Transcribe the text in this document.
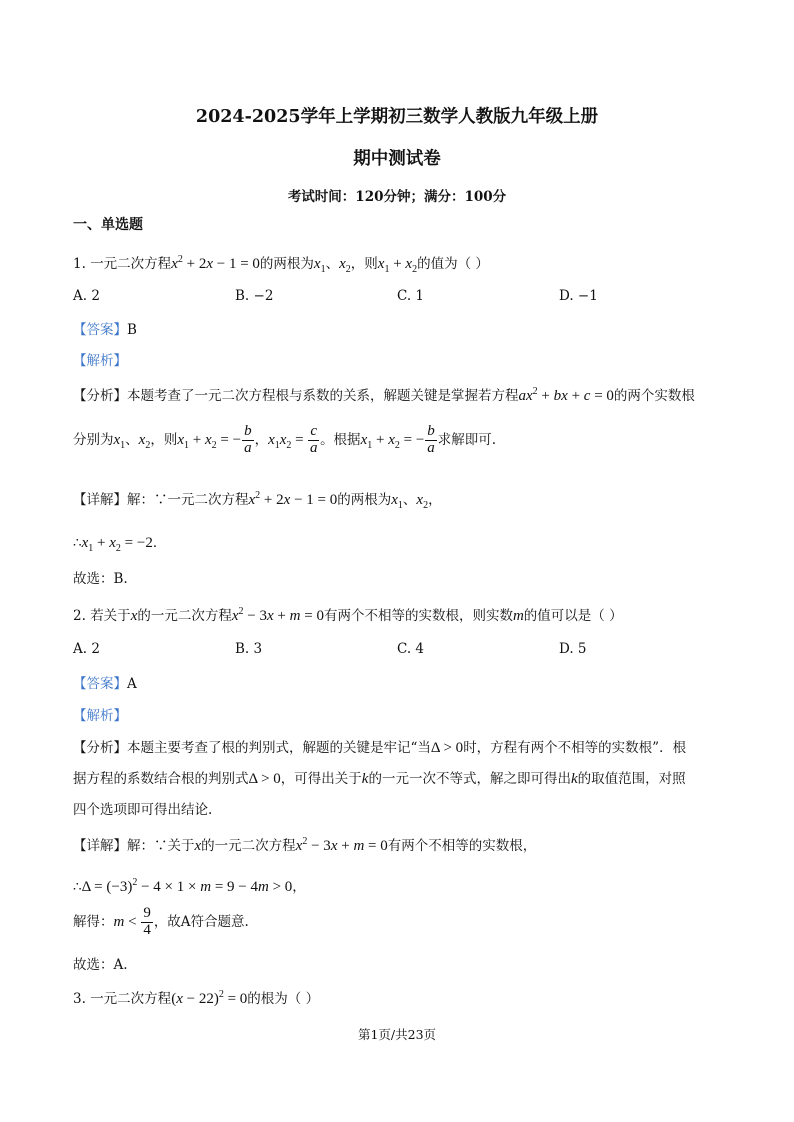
2024-2025学年上学期初三数学人教版九年级上册
期中测试卷
考试时间：120分钟；满分：100分
一、单选题
1. 一元二次方程$x^2 + 2x - 1 = 0$的两根为$x_1$、$x_2$，则$x_1 + x_2$的值为（ ）
A. 2	B. −2	C. 1	D. −1
【答案】B
【解析】
【分析】本题考查了一元二次方程根与系数的关系，解题关键是掌握若方程$ax^2$ + bx + c = 0的两个实数根
分别为$x_1$、$x_2$，则$x_1 + x_2$ = − $\frac{b}{a}$ ，$x_1x_2 = \frac{c}{a}$ 。根据$x_1 + x_2$ = − $\frac{b}{a}$ 求解即可.
【详解】解：∵一元二次方程$x^2 + 2x - 1 = 0$的两根为$x_1$、$x_2$，
$\therefore x_1 + x_2 = -2$．
故选：B.
2. 若关于x的一元二次方程$x^2 - 3x + m = 0$有两个不相等的实数根，则实数m的值可以是（ ）
A. 2	B. 3	C. 4	D. 5
【答案】A
【解析】
【分析】本题主要考查了根的判别式，解题的关键是牢记“当Δ > 0时，方程有两个不相等的实数根”．根
据方程的系数结合根的判别式Δ > 0，可得出关于k的一元一次不等式，解之即可得出k的取值范围，对照
四个选项即可得出结论.
【详解】解：∵关于x的一元二次方程$x^2 - 3x + m = 0$有两个不相等的实数根，
∴Δ = $(-3)^2 - 4 \times 1 \times m = 9 - 4m > 0$，
解得：$m < \frac{9}{4}$ ，故A符合题意.
故选：A.
3. 一元二次方程$(x - 22)^2 = 0$的根为（ ）
第1页/共23页
